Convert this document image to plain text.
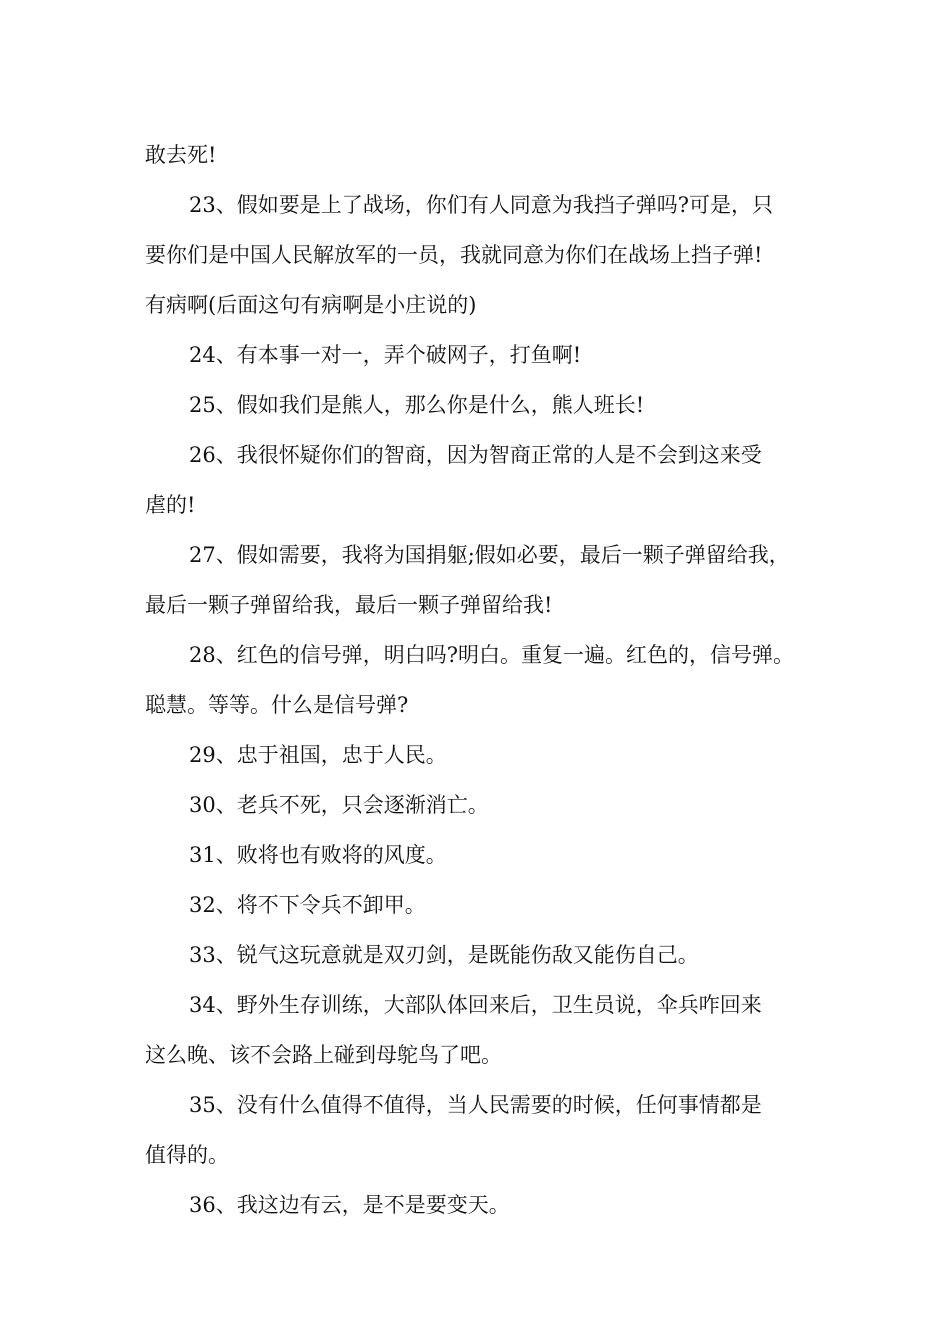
敢去死!
23、假如要是上了战场，你们有人同意为我挡子弹吗?可是，只
要你们是中国人民解放军的一员，我就同意为你们在战场上挡子弹!
有病啊(后面这句有病啊是小庄说的)
24、有本事一对一，弄个破网子，打鱼啊!
25、假如我们是熊人，那么你是什么，熊人班长!
26、我很怀疑你们的智商，因为智商正常的人是不会到这来受
虐的!
27、假如需要，我将为国捐躯;假如必要，最后一颗子弹留给我，
最后一颗子弹留给我，最后一颗子弹留给我!
28、红色的信号弹，明白吗?明白。重复一遍。红色的，信号弹。
聪慧。等等。什么是信号弹?
29、忠于祖国，忠于人民。
30、老兵不死，只会逐渐消亡。
31、败将也有败将的风度。
32、将不下令兵不卸甲。
33、锐气这玩意就是双刃剑，是既能伤敌又能伤自己。
34、野外生存训练，大部队体回来后，卫生员说，伞兵咋回来
这么晚、该不会路上碰到母鸵鸟了吧。
35、没有什么值得不值得，当人民需要的时候，任何事情都是
值得的。
36、我这边有云，是不是要变天。
